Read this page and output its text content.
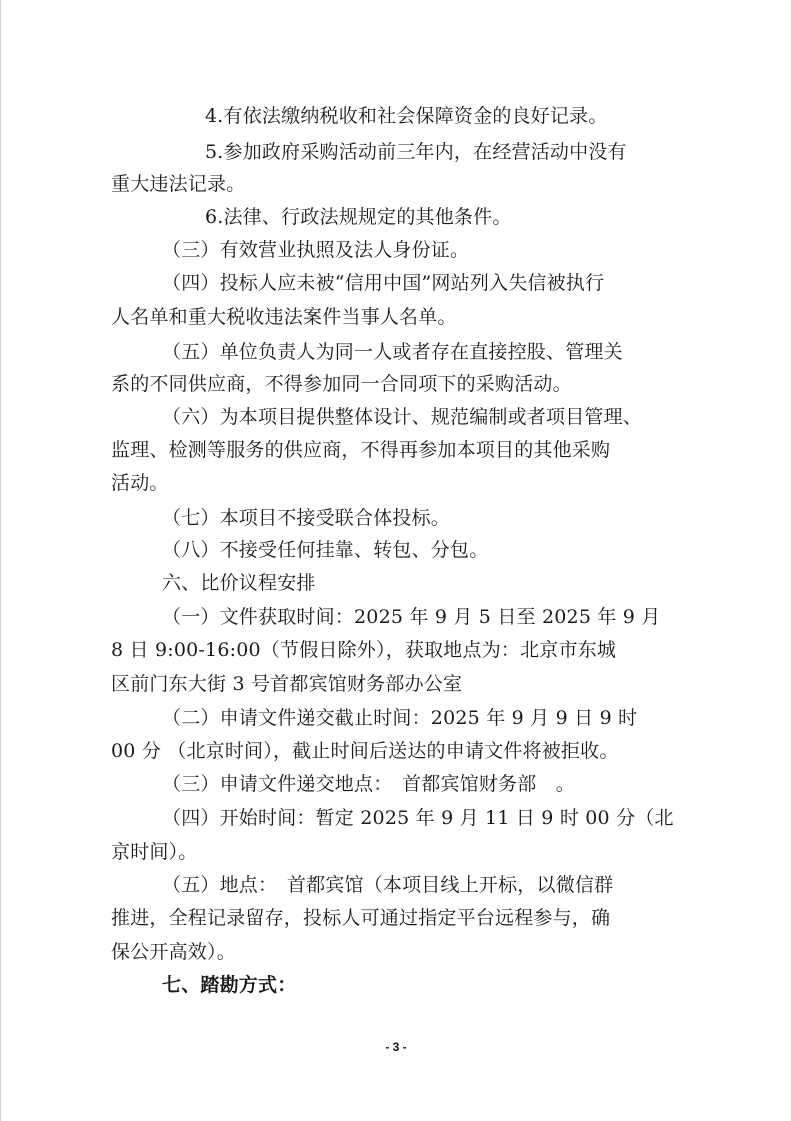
4.有依法缴纳税收和社会保障资金的良好记录。
5.参加政府采购活动前三年内，在经营活动中没有
重大违法记录。
6.法律、行政法规规定的其他条件。
（三）有效营业执照及法人身份证。
（四）投标人应未被“信用中国”网站列入失信被执行
人名单和重大税收违法案件当事人名单。
（五）单位负责人为同一人或者存在直接控股、管理关
系的不同供应商，不得参加同一合同项下的采购活动。
（六）为本项目提供整体设计、规范编制或者项目管理、
监理、检测等服务的供应商，不得再参加本项目的其他采购
活动。
（七）本项目不接受联合体投标。
（八）不接受任何挂靠、转包、分包。
六、比价议程安排
（一）文件获取时间：2025 年 9 月 5 日至 2025 年 9 月
8 日 9:00-16:00（节假日除外），获取地点为：北京市东城
区前门东大街 3 号首都宾馆财务部办公室
（二）申请文件递交截止时间：2025 年 9 月 9 日 9 时
00 分 （北京时间），截止时间后送达的申请文件将被拒收。
（三）申请文件递交地点：　首都宾馆财务部　。
（四）开始时间：暂定 2025 年 9 月 11 日 9 时 00 分（北
京时间）。
（五）地点：　首都宾馆（本项目线上开标，以微信群
推进，全程记录留存，投标人可通过指定平台远程参与，确
保公开高效）。
七、踏勘方式：
- 3 -
